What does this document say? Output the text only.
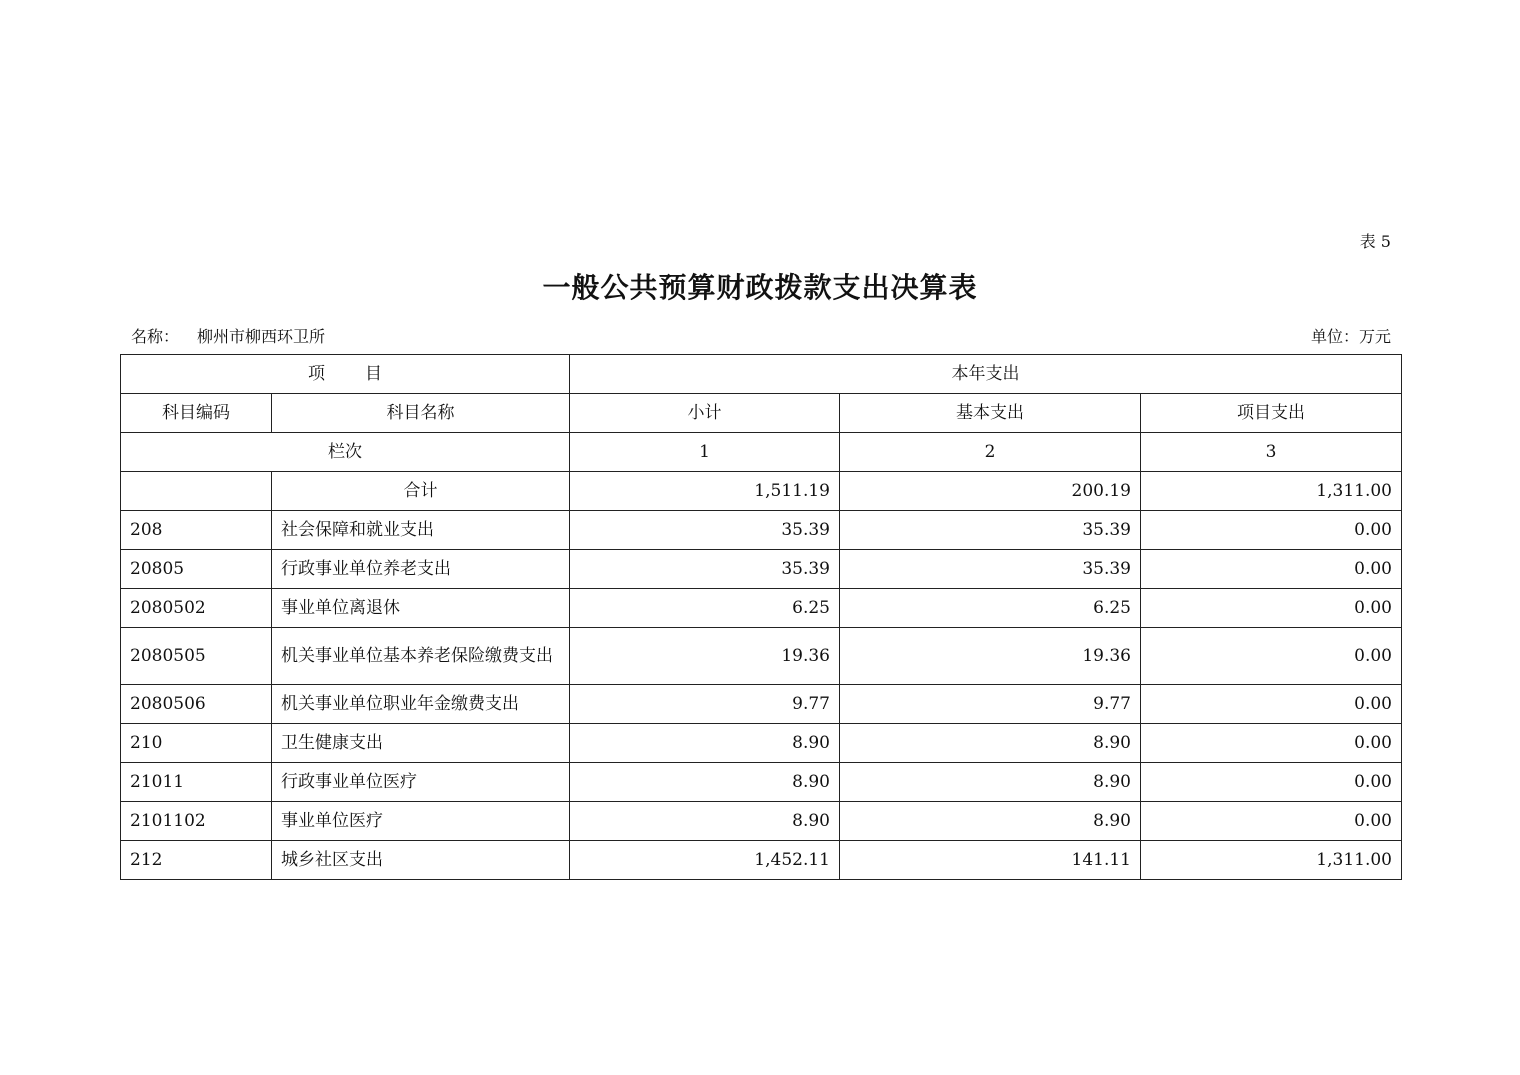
表 5
一般公共预算财政拨款支出决算表
名称： 柳州市柳西环卫所	单位：万元
项 目		本年支出		
科目编码	科目名称	小计	基本支出	项目支出
栏次		1	2	3
	合计	1,511.19	200.19	1,311.00
208	社会保障和就业支出	35.39	35.39	0.00
20805	行政事业单位养老支出	35.39	35.39	0.00
2080502	事业单位离退休	6.25	6.25	0.00
2080505	机关事业单位基本养老保险缴费支出	19.36	19.36	0.00
2080506	机关事业单位职业年金缴费支出	9.77	9.77	0.00
210	卫生健康支出	8.90	8.90	0.00
21011	行政事业单位医疗	8.90	8.90	0.00
2101102	事业单位医疗	8.90	8.90	0.00
212	城乡社区支出	1,452.11	141.11	1,311.00
